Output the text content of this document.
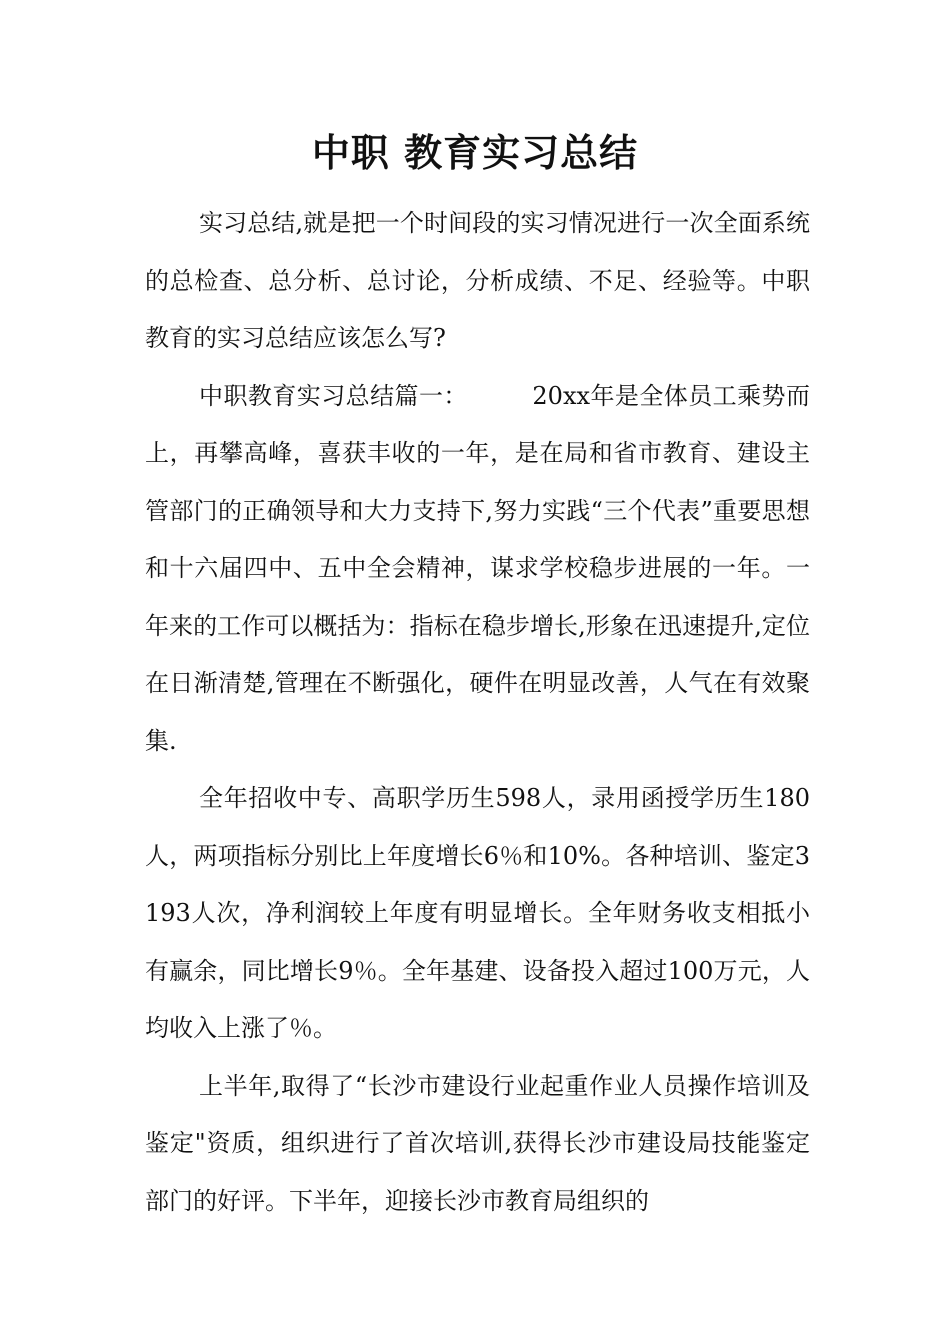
中职 教育实习总结

实习总结,就是把一个时间段的实习情况进行一次全面系统的总检查、总分析、总讨论，分析成绩、不足、经验等。中职教育的实习总结应该怎么写?

中职教育实习总结篇一：        20xx年是全体员工乘势而上，再攀高峰，喜获丰收的一年，是在局和省市教育、建设主管部门的正确领导和大力支持下,努力实践“三个代表”重要思想和十六届四中、五中全会精神，谋求学校稳步进展的一年。一年来的工作可以概括为：指标在稳步增长,形象在迅速提升,定位在日渐清楚,管理在不断强化，硬件在明显改善，人气在有效聚集.

全年招收中专、高职学历生598人，录用函授学历生180人，两项指标分别比上年度增长6％和10%。各种培训、鉴定3193人次，净利润较上年度有明显增长。全年财务收支相抵小有赢余，同比增长9％。全年基建、设备投入超过100万元，人均收入上涨了％。

上半年,取得了“长沙市建设行业起重作业人员操作培训及鉴定"资质，组织进行了首次培训,获得长沙市建设局技能鉴定部门的好评。下半年，迎接长沙市教育局组织的
